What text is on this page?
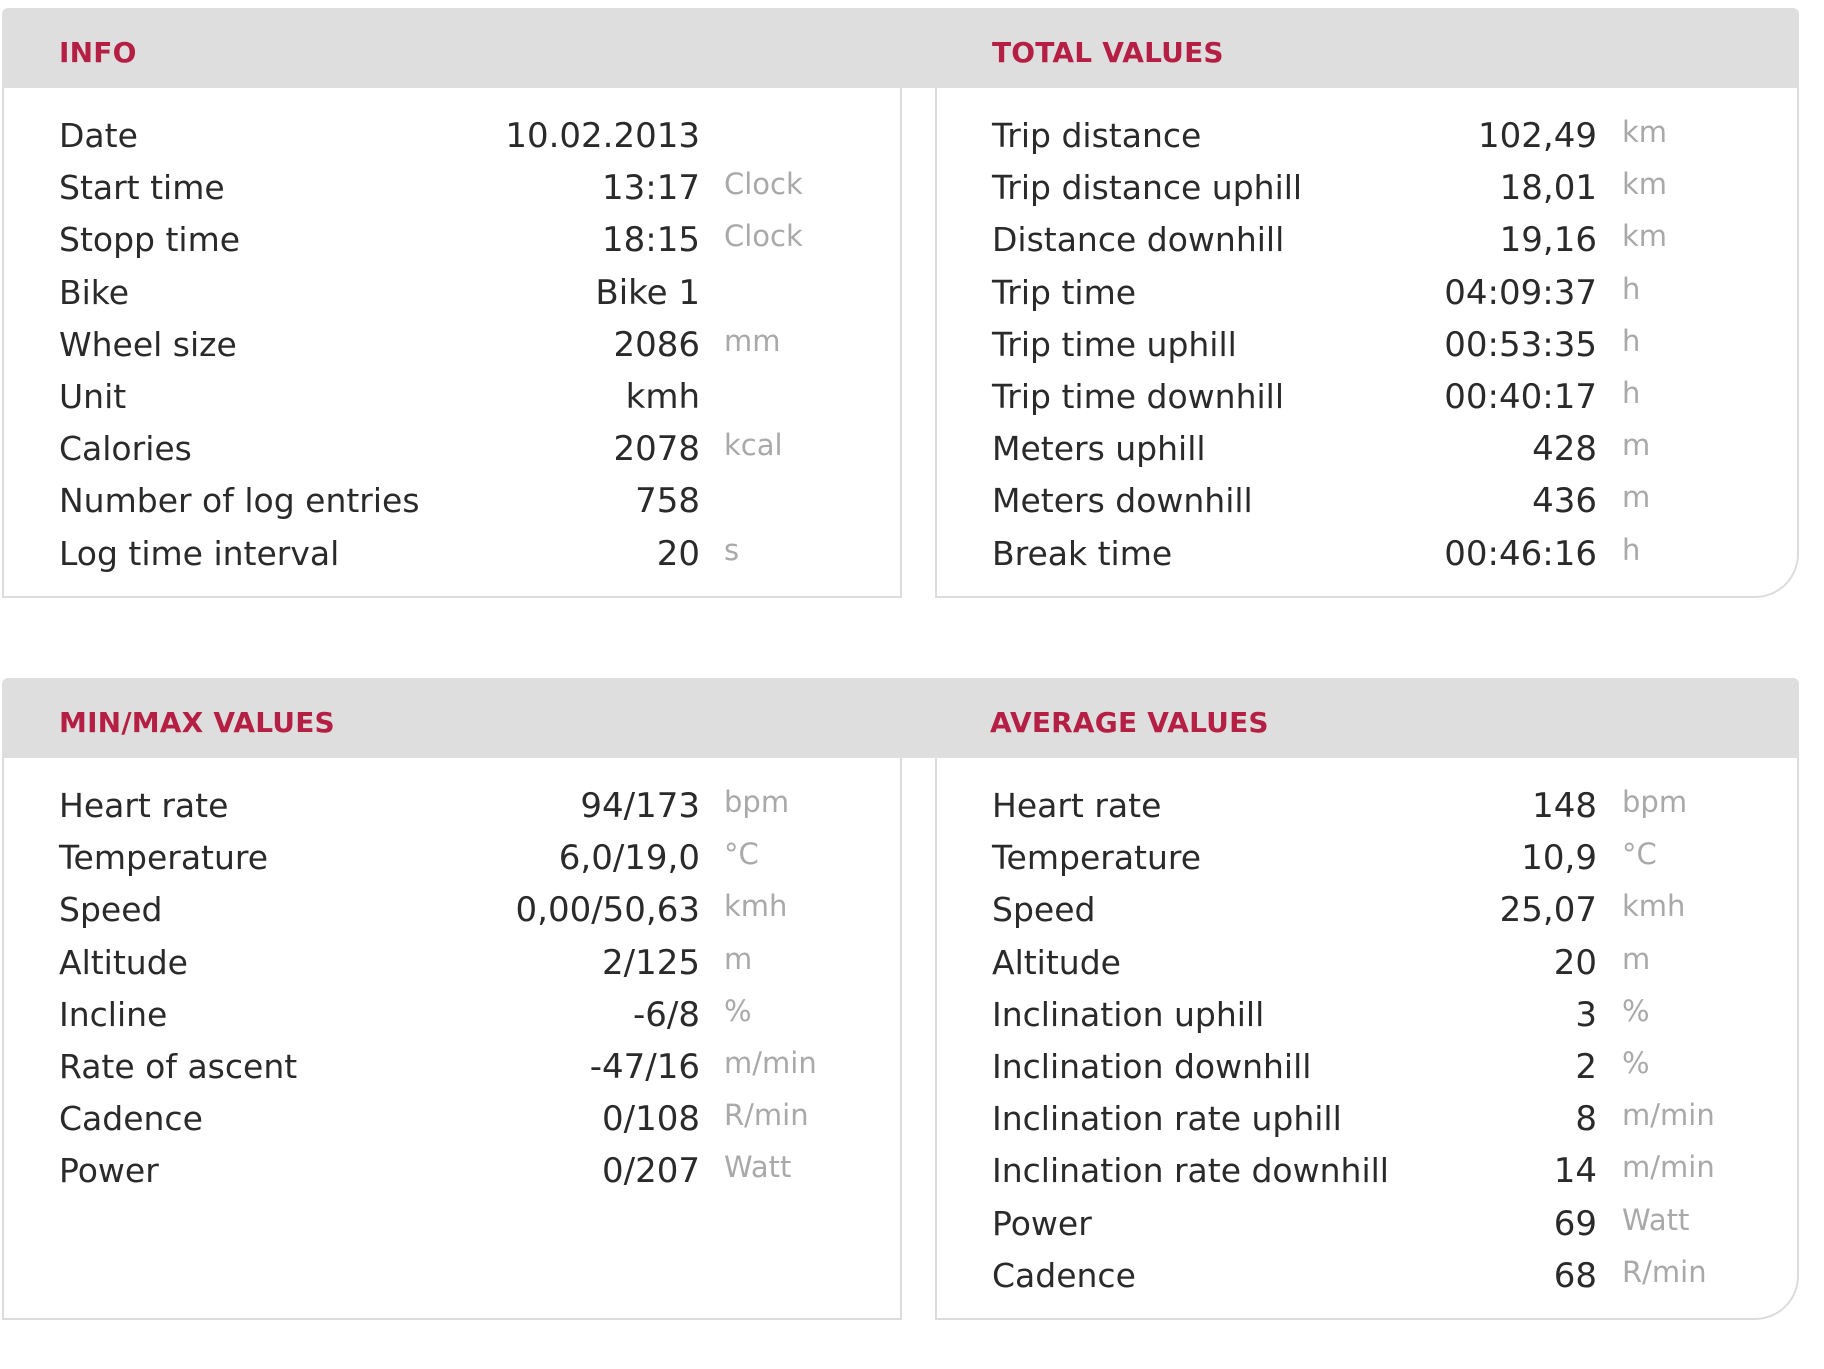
INFO	TOTAL VALUES
Date	10.02.2013
Start time	13:17 Clock
Stopp time	18:15 Clock
Bike	Bike 1
Wheel size	2086 mm
Unit	kmh
Calories	2078 kcal
Number of log entries	758
Log time interval	20 s
Trip distance	102,49 km
Trip distance uphill	18,01 km
Distance downhill	19,16 km
Trip time	04:09:37 h
Trip time uphill	00:53:35 h
Trip time downhill	00:40:17 h
Meters uphill	428 m
Meters downhill	436 m
Break time	00:46:16 h
MIN/MAX VALUES	AVERAGE VALUES
Heart rate	94/173 bpm
Temperature	6,0/19,0 °C
Speed	0,00/50,63 kmh
Altitude	2/125 m
Incline	-6/8 %
Rate of ascent	-47/16 m/min
Cadence	0/108 R/min
Power	0/207 Watt
Heart rate	148 bpm
Temperature	10,9 °C
Speed	25,07 kmh
Altitude	20 m
Inclination uphill	3 %
Inclination downhill	2 %
Inclination rate uphill	8 m/min
Inclination rate downhill	14 m/min
Power	69 Watt
Cadence	68 R/min
